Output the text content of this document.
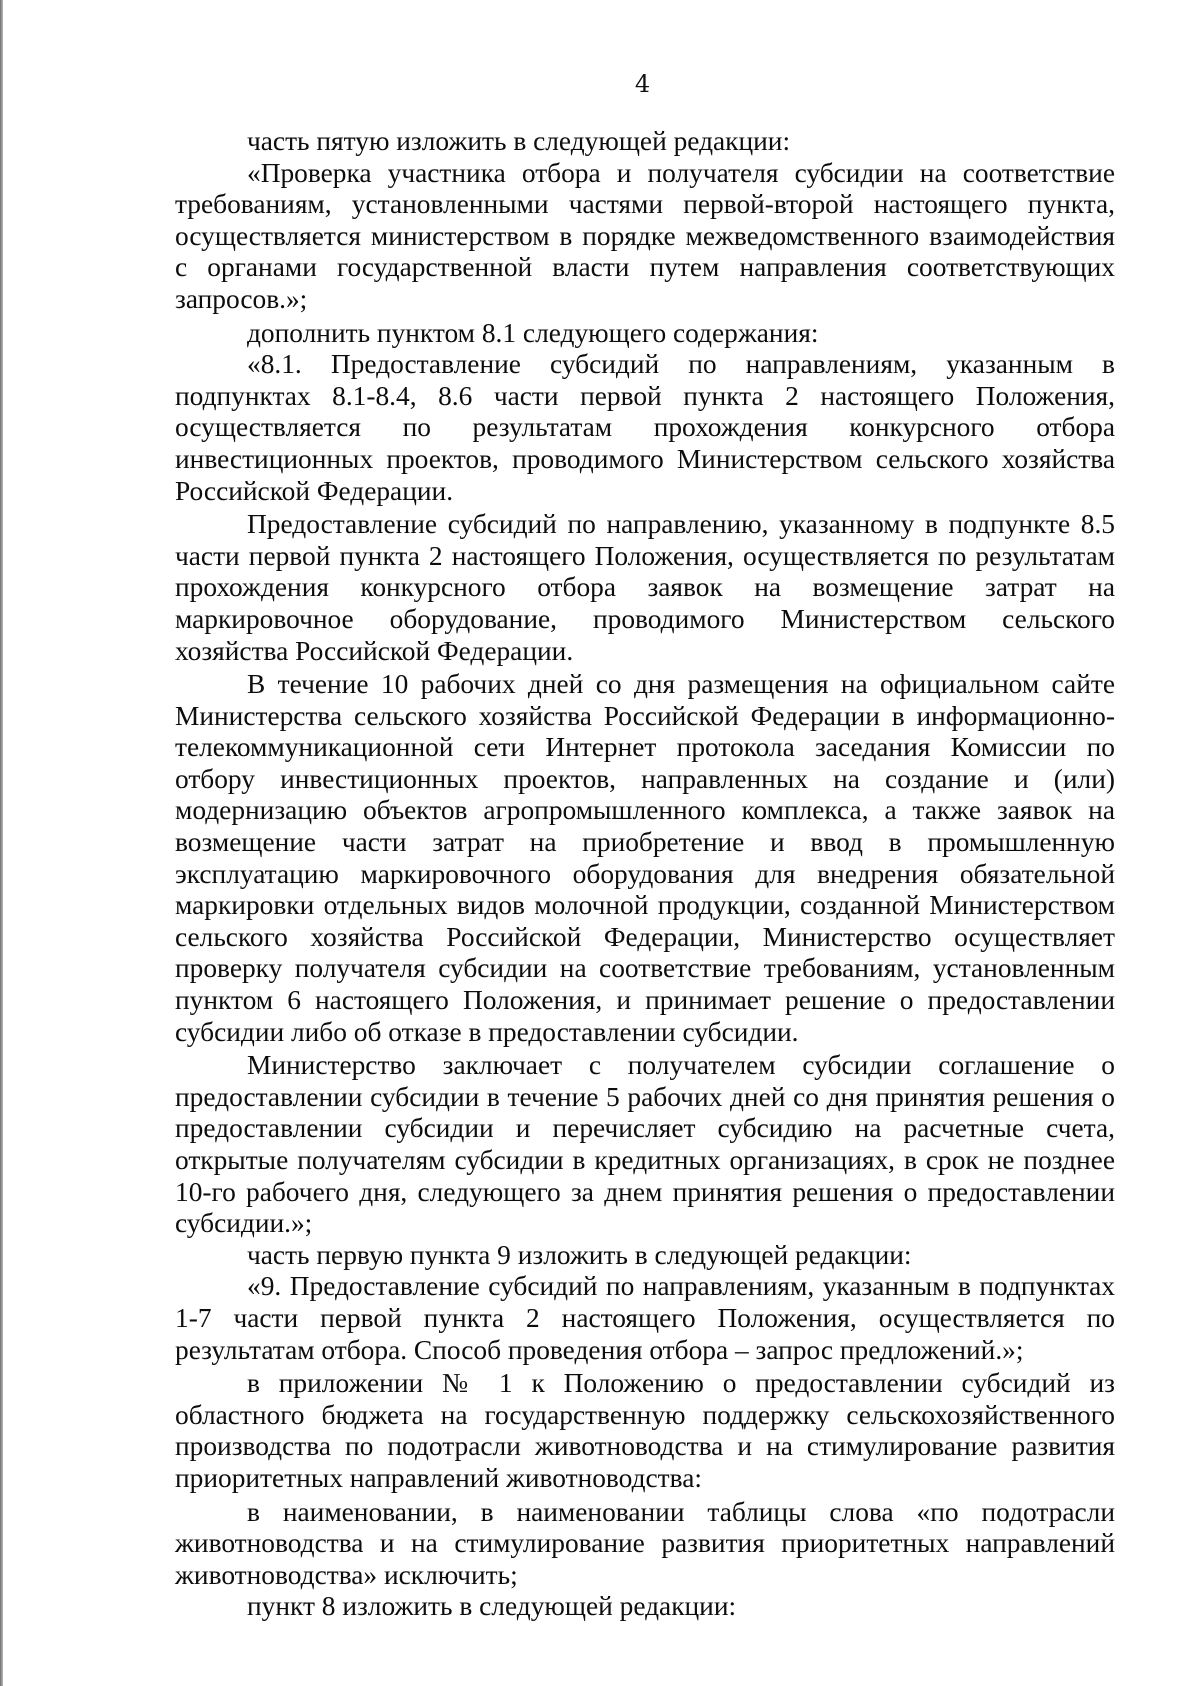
4

часть пятую изложить в следующей редакции:

«Проверка участника отбора и получателя субсидии на соответствие требованиям, установленными частями первой-второй настоящего пункта, осуществляется министерством в порядке межведомственного взаимодействия с органами государственной власти путем направления соответствующих запросов.»;

дополнить пунктом 8.1 следующего содержания:

«8.1. Предоставление субсидий по направлениям, указанным в подпунктах 8.1-8.4, 8.6 части первой пункта 2 настоящего Положения, осуществляется по результатам прохождения конкурсного отбора инвестиционных проектов, проводимого Министерством сельского хозяйства Российской Федерации.

Предоставление субсидий по направлению, указанному в подпункте 8.5 части первой пункта 2 настоящего Положения, осуществляется по результатам прохождения конкурсного отбора заявок на возмещение затрат на маркировочное оборудование, проводимого Министерством сельского хозяйства Российской Федерации.

В течение 10 рабочих дней со дня размещения на официальном сайте Министерства сельского хозяйства Российской Федерации в информационно-телекоммуникационной сети Интернет протокола заседания Комиссии по отбору инвестиционных проектов, направленных на создание и (или) модернизацию объектов агропромышленного комплекса, а также заявок на возмещение части затрат на приобретение и ввод в промышленную эксплуатацию маркировочного оборудования для внедрения обязательной маркировки отдельных видов молочной продукции, созданной Министерством сельского хозяйства Российской Федерации, Министерство осуществляет проверку получателя субсидии на соответствие требованиям, установленным пунктом 6 настоящего Положения, и принимает решение о предоставлении субсидии либо об отказе в предоставлении субсидии.

Министерство заключает с получателем субсидии соглашение о предоставлении субсидии в течение 5 рабочих дней со дня принятия решения о предоставлении субсидии и перечисляет субсидию на расчетные счета, открытые получателям субсидии в кредитных организациях, в срок не позднее 10-го рабочего дня, следующего за днем принятия решения о предоставлении субсидии.»;

часть первую пункта 9 изложить в следующей редакции:

«9. Предоставление субсидий по направлениям, указанным в подпунктах 1-7 части первой пункта 2 настоящего Положения, осуществляется по результатам отбора. Способ проведения отбора – запрос предложений.»;

в приложении № 1 к Положению о предоставлении субсидий из областного бюджета на государственную поддержку сельскохозяйственного производства по подотрасли животноводства и на стимулирование развития приоритетных направлений животноводства:

в наименовании, в наименовании таблицы слова «по подотрасли животноводства и на стимулирование развития приоритетных направлений животноводства» исключить;

пункт 8 изложить в следующей редакции:
